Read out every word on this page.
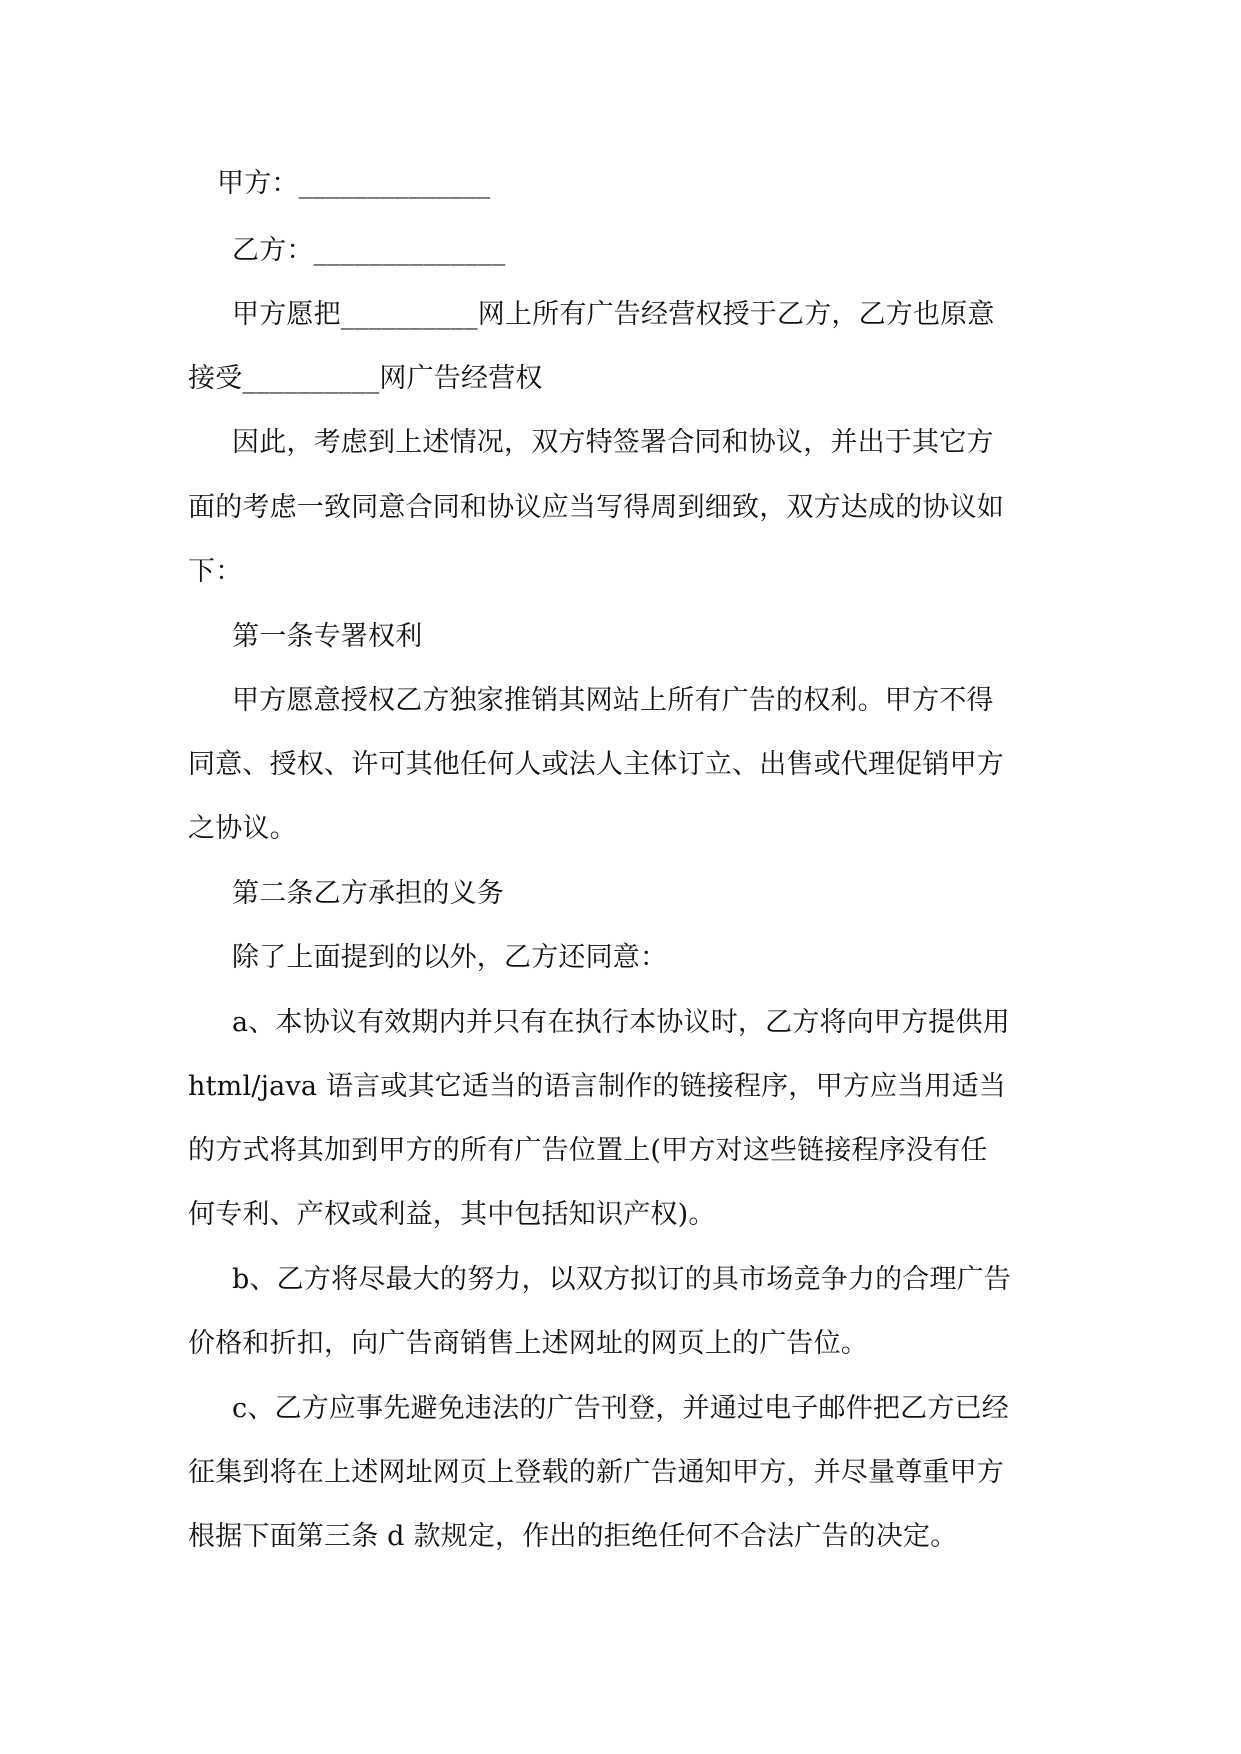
甲方：______________
乙方：______________
甲方愿把__________网上所有广告经营权授于乙方，乙方也原意
接受__________网广告经营权
因此，考虑到上述情况，双方特签署合同和协议，并出于其它方
面的考虑一致同意合同和协议应当写得周到细致，双方达成的协议如
下：
第一条专署权利
甲方愿意授权乙方独家推销其网站上所有广告的权利。甲方不得
同意、授权、许可其他任何人或法人主体订立、出售或代理促销甲方
之协议。
第二条乙方承担的义务
除了上面提到的以外，乙方还同意：
a、本协议有效期内并只有在执行本协议时，乙方将向甲方提供用
html/java 语言或其它适当的语言制作的链接程序，甲方应当用适当
的方式将其加到甲方的所有广告位置上(甲方对这些链接程序没有任
何专利、产权或利益，其中包括知识产权)。
b、乙方将尽最大的努力，以双方拟订的具市场竞争力的合理广告
价格和折扣，向广告商销售上述网址的网页上的广告位。
c、乙方应事先避免违法的广告刊登，并通过电子邮件把乙方已经
征集到将在上述网址网页上登载的新广告通知甲方，并尽量尊重甲方
根据下面第三条 d 款规定，作出的拒绝任何不合法广告的决定。
